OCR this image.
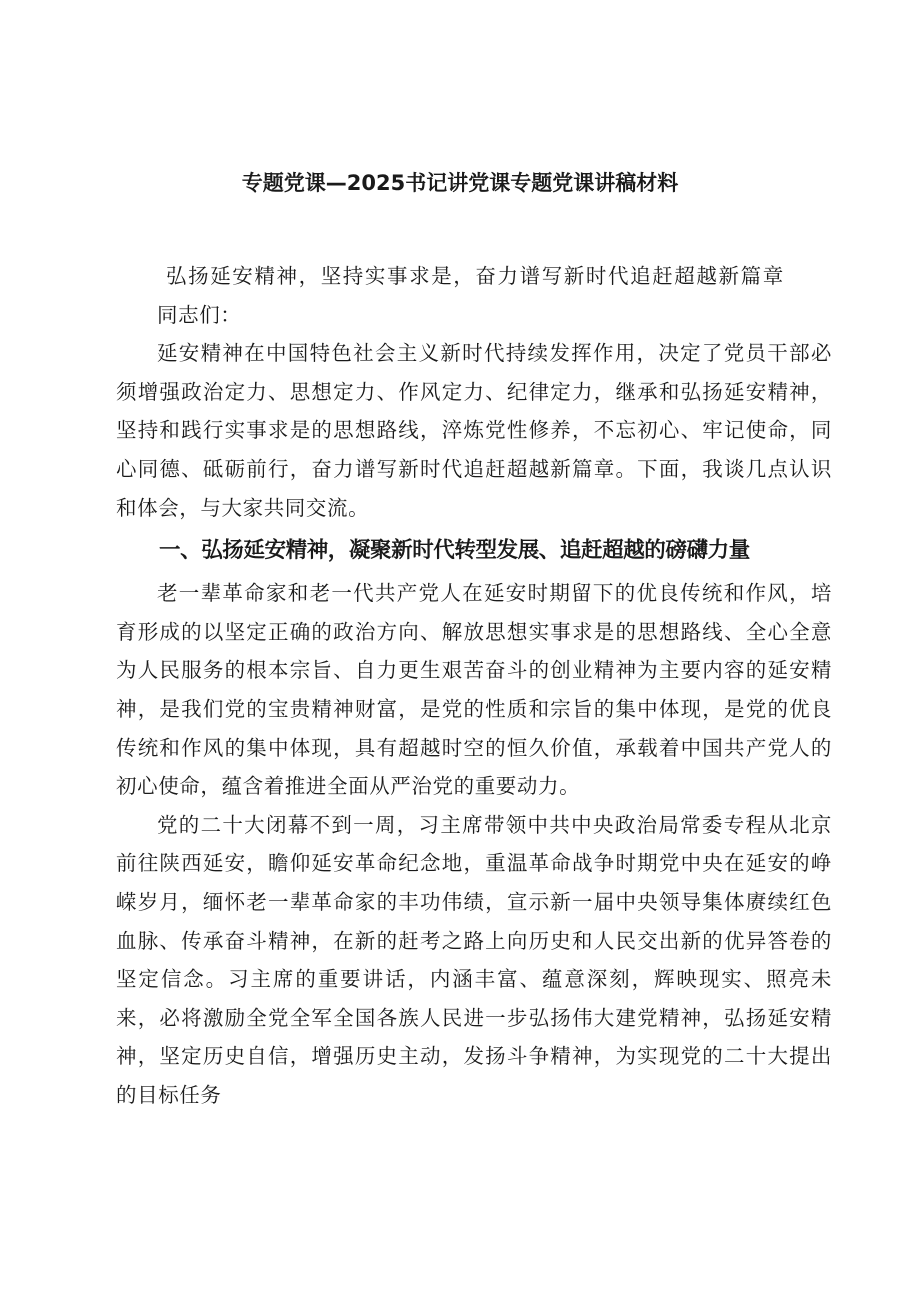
专题党课—2025书记讲党课专题党课讲稿材料

弘扬延安精神，坚持实事求是，奋力谱写新时代追赶超越新篇章

同志们：

延安精神在中国特色社会主义新时代持续发挥作用，决定了党员干部必须增强政治定力、思想定力、作风定力、纪律定力，继承和弘扬延安精神，坚持和践行实事求是的思想路线，淬炼党性修养，不忘初心、牢记使命，同心同德、砥砺前行，奋力谱写新时代追赶超越新篇章。下面，我谈几点认识和体会，与大家共同交流。

一、弘扬延安精神，凝聚新时代转型发展、追赶超越的磅礴力量

老一辈革命家和老一代共产党人在延安时期留下的优良传统和作风，培育形成的以坚定正确的政治方向、解放思想实事求是的思想路线、全心全意为人民服务的根本宗旨、自力更生艰苦奋斗的创业精神为主要内容的延安精神，是我们党的宝贵精神财富，是党的性质和宗旨的集中体现，是党的优良传统和作风的集中体现，具有超越时空的恒久价值，承载着中国共产党人的初心使命，蕴含着推进全面从严治党的重要动力。

党的二十大闭幕不到一周，习主席带领中共中央政治局常委专程从北京前往陕西延安，瞻仰延安革命纪念地，重温革命战争时期党中央在延安的峥嵘岁月，缅怀老一辈革命家的丰功伟绩，宣示新一届中央领导集体赓续红色血脉、传承奋斗精神，在新的赶考之路上向历史和人民交出新的优异答卷的坚定信念。习主席的重要讲话，内涵丰富、蕴意深刻，辉映现实、照亮未来，必将激励全党全军全国各族人民进一步弘扬伟大建党精神，弘扬延安精神，坚定历史自信，增强历史主动，发扬斗争精神，为实现党的二十大提出的目标任务
